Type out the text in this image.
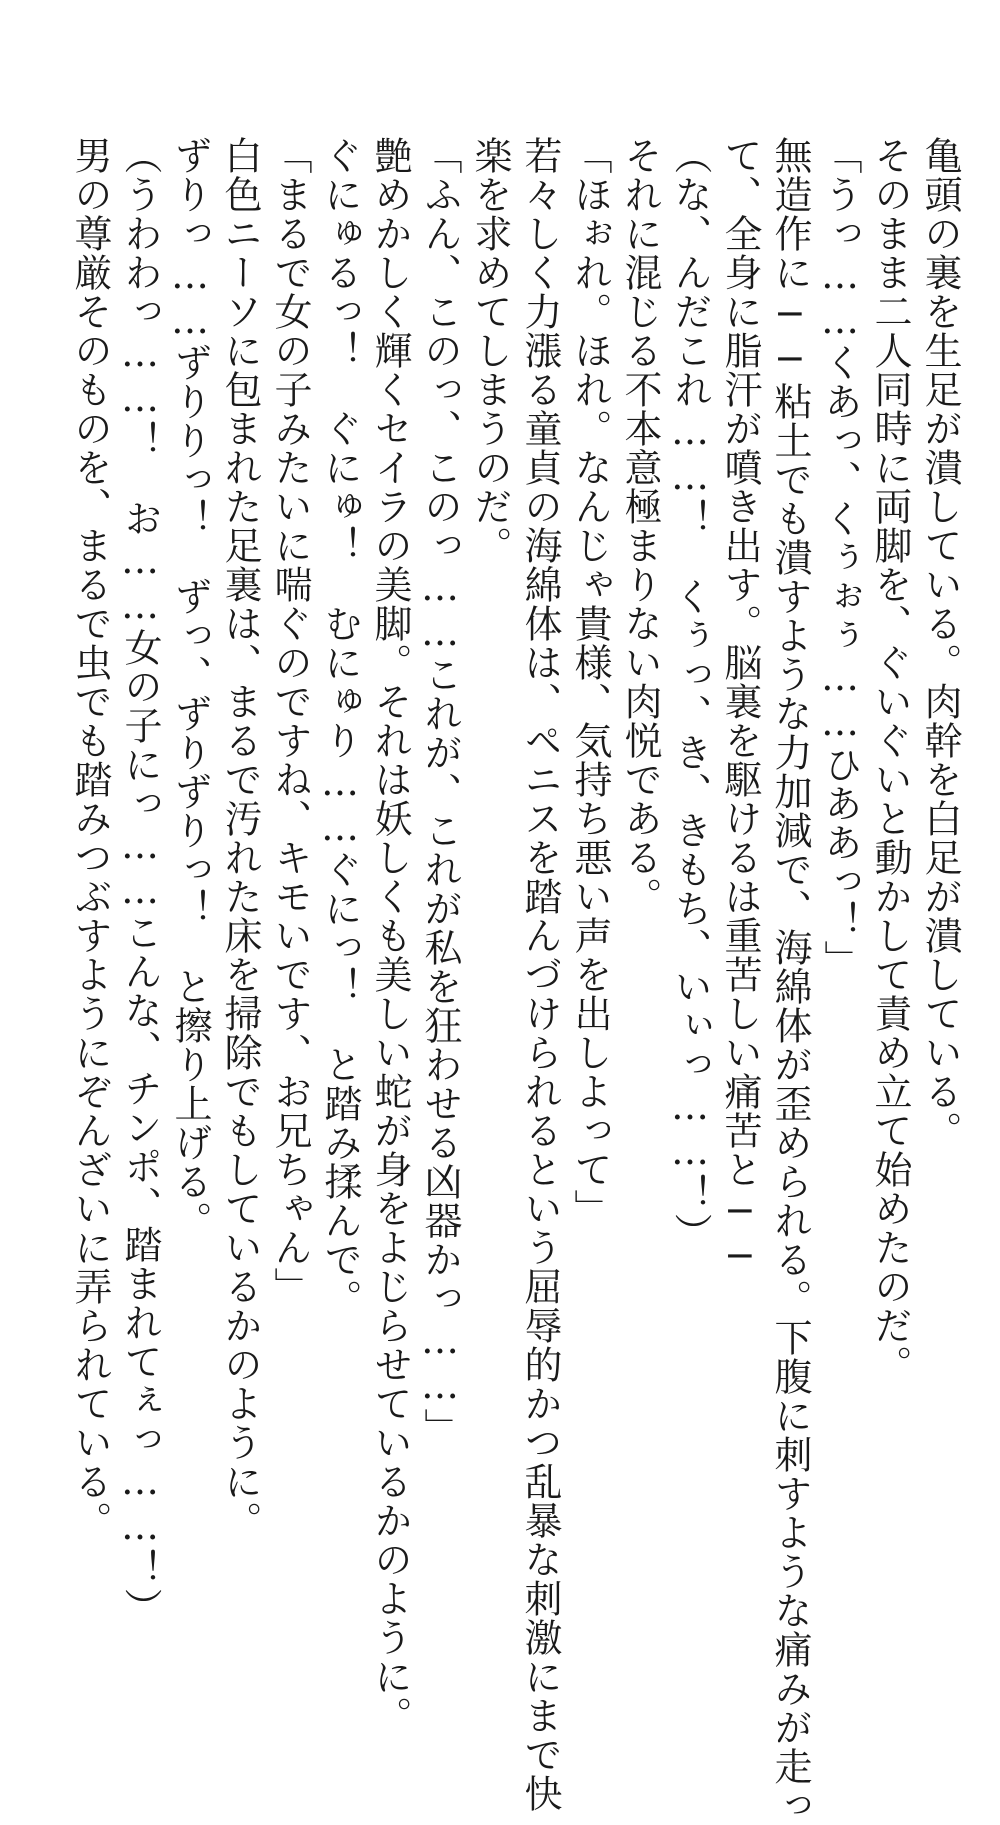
亀頭の裏を生足が潰している。肉幹を白足が潰している。
そのまま二人同時に両脚を、ぐいぐいと動かして責め立て始めたのだ。
「うっ……くあっ、くぅぉぅ……ひああっ！」
無造作に──粘土でも潰すような力加減で、海綿体が歪められる。下腹に刺すような痛みが走っ
て、全身に脂汗が噴き出す。脳裏を駆けるは重苦しい痛苦と──
（な、んだこれ……！　くぅっ、き、きもち、いぃっ……！）
それに混じる不本意極まりない肉悦である。
「ほぉれ。ほれ。なんじゃ貴様、気持ち悪い声を出しよって」
若々しく力漲る童貞の海綿体は、ペニスを踏んづけられるという屈辱的かつ乱暴な刺激にまで快
楽を求めてしまうのだ。
「ふん、このっ、このっ……これが、これが私を狂わせる凶器かっ……」
艶めかしく輝くセイラの美脚。それは妖しくも美しい蛇が身をよじらせているかのように。
ぐにゅるっ！　ぐにゅ！　むにゅり……ぐにっ！　と踏み揉んで。
「まるで女の子みたいに喘ぐのですね、キモいです、お兄ちゃん」
白色ニーソに包まれた足裏は、まるで汚れた床を掃除でもしているかのように。
ずりっ……ずりりっ！　ずっ、ずりずりっ！　と擦り上げる。
（うわわっ……！　お……女の子にっ……こんな、チンポ、踏まれてぇっ……！）
男の尊厳そのものを、まるで虫でも踏みつぶすようにぞんざいに弄られている。
